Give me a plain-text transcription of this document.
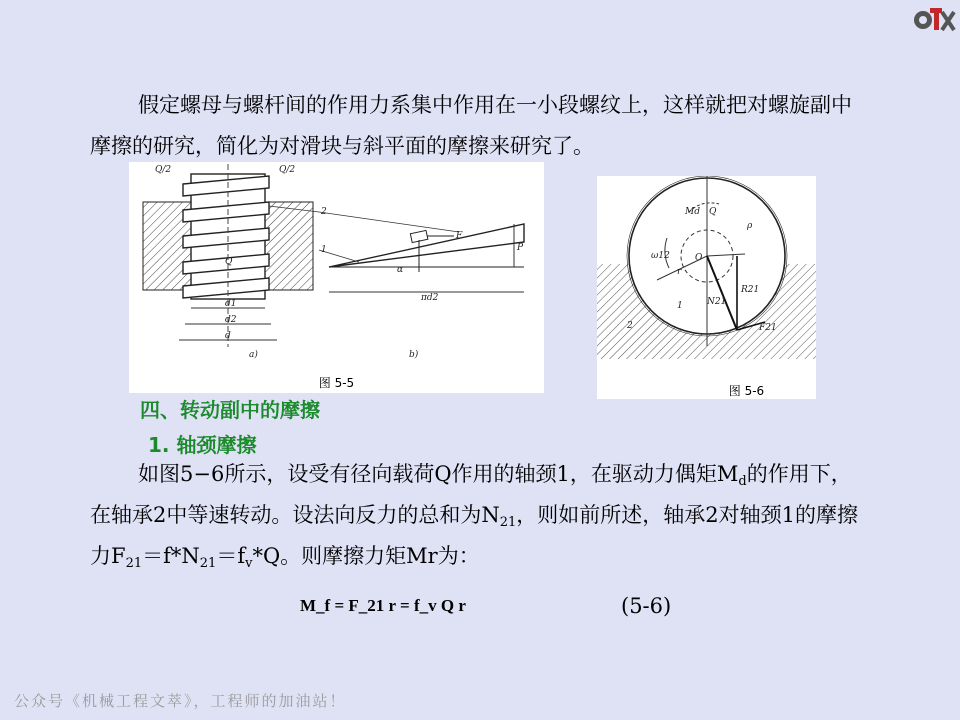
假定螺母与螺杆间的作用力系集中作用在一小段螺纹上，这样就把对螺旋副中摩擦的研究，简化为对滑块与斜平面的摩擦来研究了。
Q/2	Q/2
Q
d1
d2
d
πd2
α
F
2
1	P
a)	b)
图 5-5
Md Q
ρ
O
ω12
r
R21
N21
F21
1
2
图 5-6
四、转动副中的摩擦
1. 轴颈摩擦
如图5−6所示，设受有径向载荷Q作用的轴颈1，在驱动力偶矩$M_d$的作用下，在轴承2中等速转动。设法向反力的总和为$N_{21}$，则如前所述，轴承2对轴颈1的摩擦力$F_{21}=f*N_{21}=f_v*Q$。则摩擦力矩Mr为：
M_f = F_21 r = f_v Q r	(5-6)
公众号《机械工程文萃》，工程师的加油站！
